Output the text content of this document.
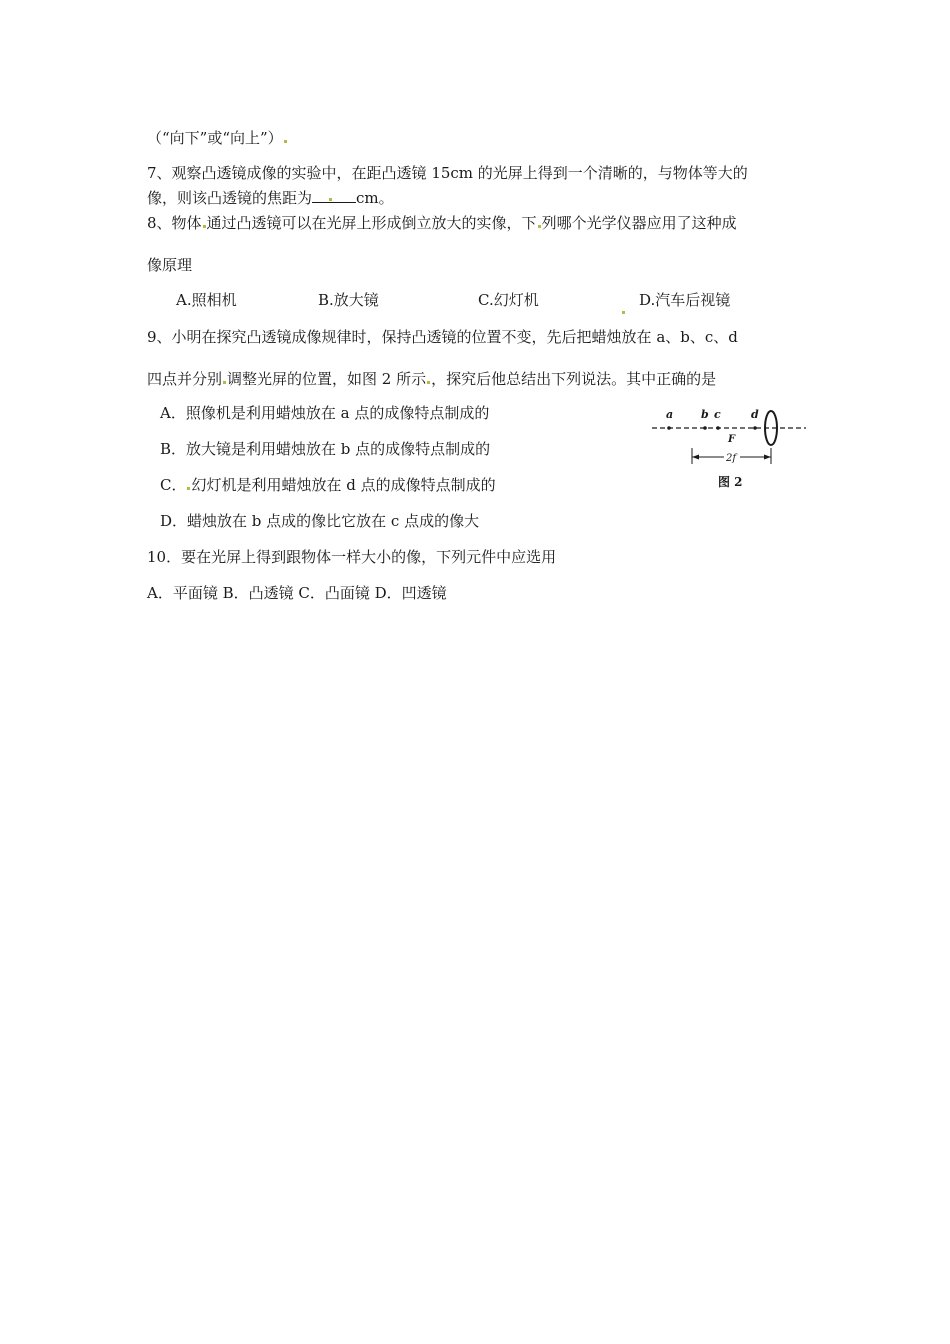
（“向下”或“向上”）
7、观察凸透镜成像的实验中，在距凸透镜 15cm 的光屏上得到一个清晰的，与物体等大的
像，则该凸透镜的焦距为	cm。
8、物体 通过凸透镜可以在光屏上形成倒立放大的实像，下 列哪个光学仪器应用了这种成
像原理
A.照相机	B.放大镜	C.幻灯机	D.汽车后视镜
9、小明在探究凸透镜成像规律时，保持凸透镜的位置不变，先后把蜡烛放在 a、b、c、d
四点并分别 调整光屏的位置，如图 2 所示 ，探究后他总结出下列说法。其中正确的是
A．照像机是利用蜡烛放在 a 点的成像特点制成的
B．放大镜是利用蜡烛放在 b 点的成像特点制成的
C． 幻灯机是利用蜡烛放在 d 点的成像特点制成的
D．蜡烛放在 b 点成的像比它放在 c 点成的像大
a	b c	d
F
2f
图 2
10．要在光屏上得到跟物体一样大小的像，下列元件中应选用
A．平面镜 B．凸透镜 C．凸面镜 D．凹透镜
